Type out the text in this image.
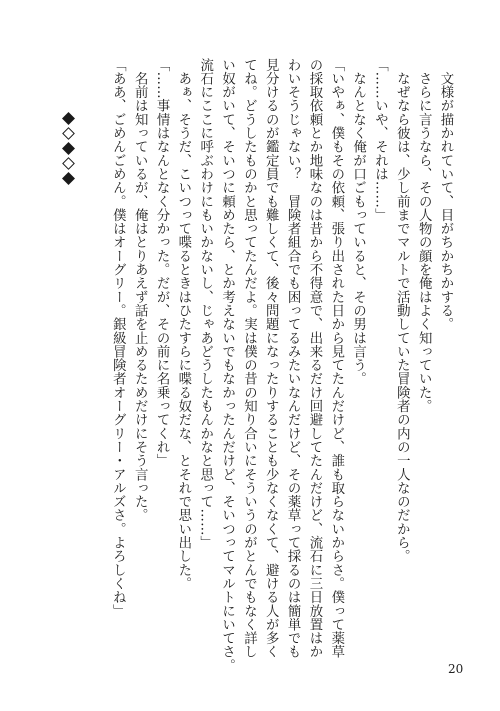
　文様が描かれていて、目がちかちかする。
　さらに言うなら、その人物の顔を俺はよく知っていた。
　なぜなら彼は、少し前までマルトで活動していた冒険者の内の一人なのだから。
「……いや、それは……」
　なんとなく俺が口ごもっていると、その男は言う。
「いやぁ、僕もその依頼、張り出された日から見てたんだけど、誰も取らないからさ。僕って薬草
の採取依頼とか地味なのは昔から不得意で、出来るだけ回避してたんだけど、流石に三日放置はか
わいそうじゃない？　冒険者組合でも困ってるみたいなんだけど、その薬草って採るのは簡単でも
見分けるのが鑑定員でも難しくて、後々問題になったりすることも少なくなくて、避ける人が多く
てね。どうしたものかと思ってたんだよ。実は僕の昔の知り合いにそういうのがとんでもなく詳し
い奴がいて、そいつに頼めたら、とか考えないでもなかったんだけど、そいつってマルトにいてさ。
流石にここに呼ぶわけにもいかないし、じゃあどうしたもんかなと思って……」
　あぁ、そうだ、こいつって喋るときはひたすらに喋る奴だな、とそれで思い出した。
「……事情はなんとなく分かった。だが、その前に名乗ってくれ」
　名前は知っているが、俺はとりあえず話を止めるためだけにそう言った。
「ああ、ごめんごめん。僕はオーグリー。銀級冒険者オーグリー・アルズさ。よろしくね」
20
